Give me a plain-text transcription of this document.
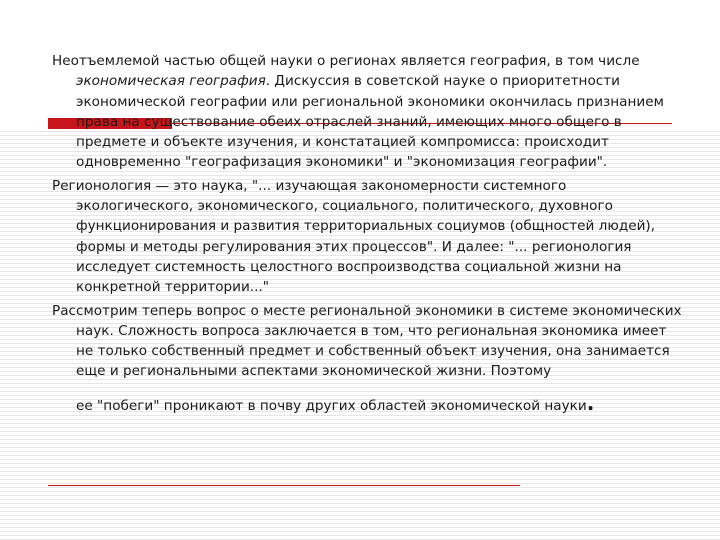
Неотъемлемой частью общей науки о регионах является география, в том числе экономическая география. Дискуссия в советской науке о приоритетности экономической географии или региональной экономики окончилась признанием права на существование обеих отраслей знаний, имеющих много общего в предмете и объекте изучения, и констатацией компромисса: происходит одновременно "географизация экономики" и "экономизация географии".

Регионология — это наука, "... изучающая закономерности системного экологического, экономического, социального, политического, духовного функционирования и развития территориальных социумов (общностей людей), формы и методы регулирования этих процессов". И далее: "... регионология исследует системность целостного воспроизводства социальной жизни на конкретной территории..."

Рассмотрим теперь вопрос о месте региональной экономики в системе экономических наук. Сложность вопроса заключается в том, что региональная экономика имеет не только собственный предмет и собственный объект изучения, она занимается еще и региональными аспектами экономической жизни. Поэтому

ее "побеги" проникают в почву других областей экономической науки.
